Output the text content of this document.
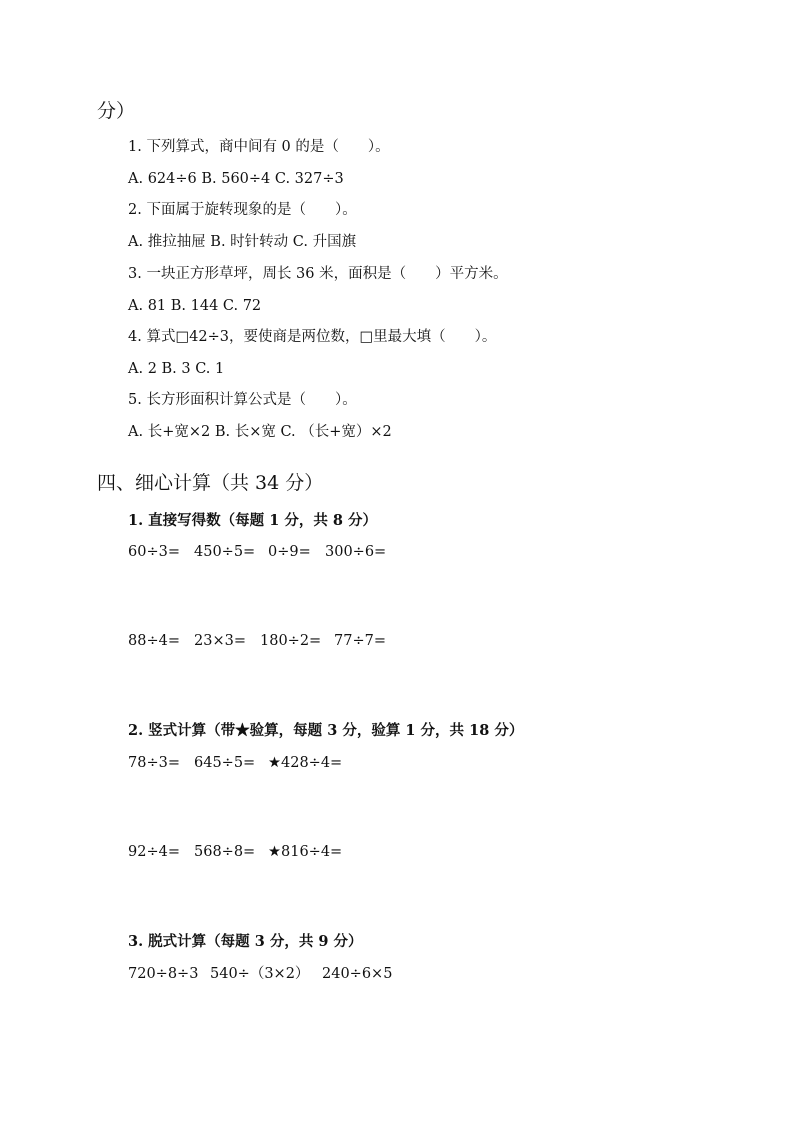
分）
1. 下列算式，商中间有 0 的是（　　）。
A. 624÷6 B. 560÷4 C. 327÷3
2. 下面属于旋转现象的是（　　）。
A. 推拉抽屉 B. 时针转动 C. 升国旗
3. 一块正方形草坪，周长 36 米，面积是（　　）平方米。
A. 81 B. 144 C. 72
4. 算式□42÷3，要使商是两位数，□里最大填（　　）。
A. 2 B. 3 C. 1
5. 长方形面积计算公式是（　　）。
A. 长+宽×2 B. 长×宽 C. （长+宽）×2
四、细心计算（共 34 分）
1. 直接写得数（每题 1 分，共 8 分）
60÷3= 450÷5= 0÷9= 300÷6=
88÷4= 23×3= 180÷2= 77÷7=
2. 竖式计算（带★验算，每题 3 分，验算 1 分，共 18 分）
78÷3= 645÷5= ★428÷4=
92÷4= 568÷8= ★816÷4=
3. 脱式计算（每题 3 分，共 9 分）
720÷8÷3 540÷（3×2） 240÷6×5
